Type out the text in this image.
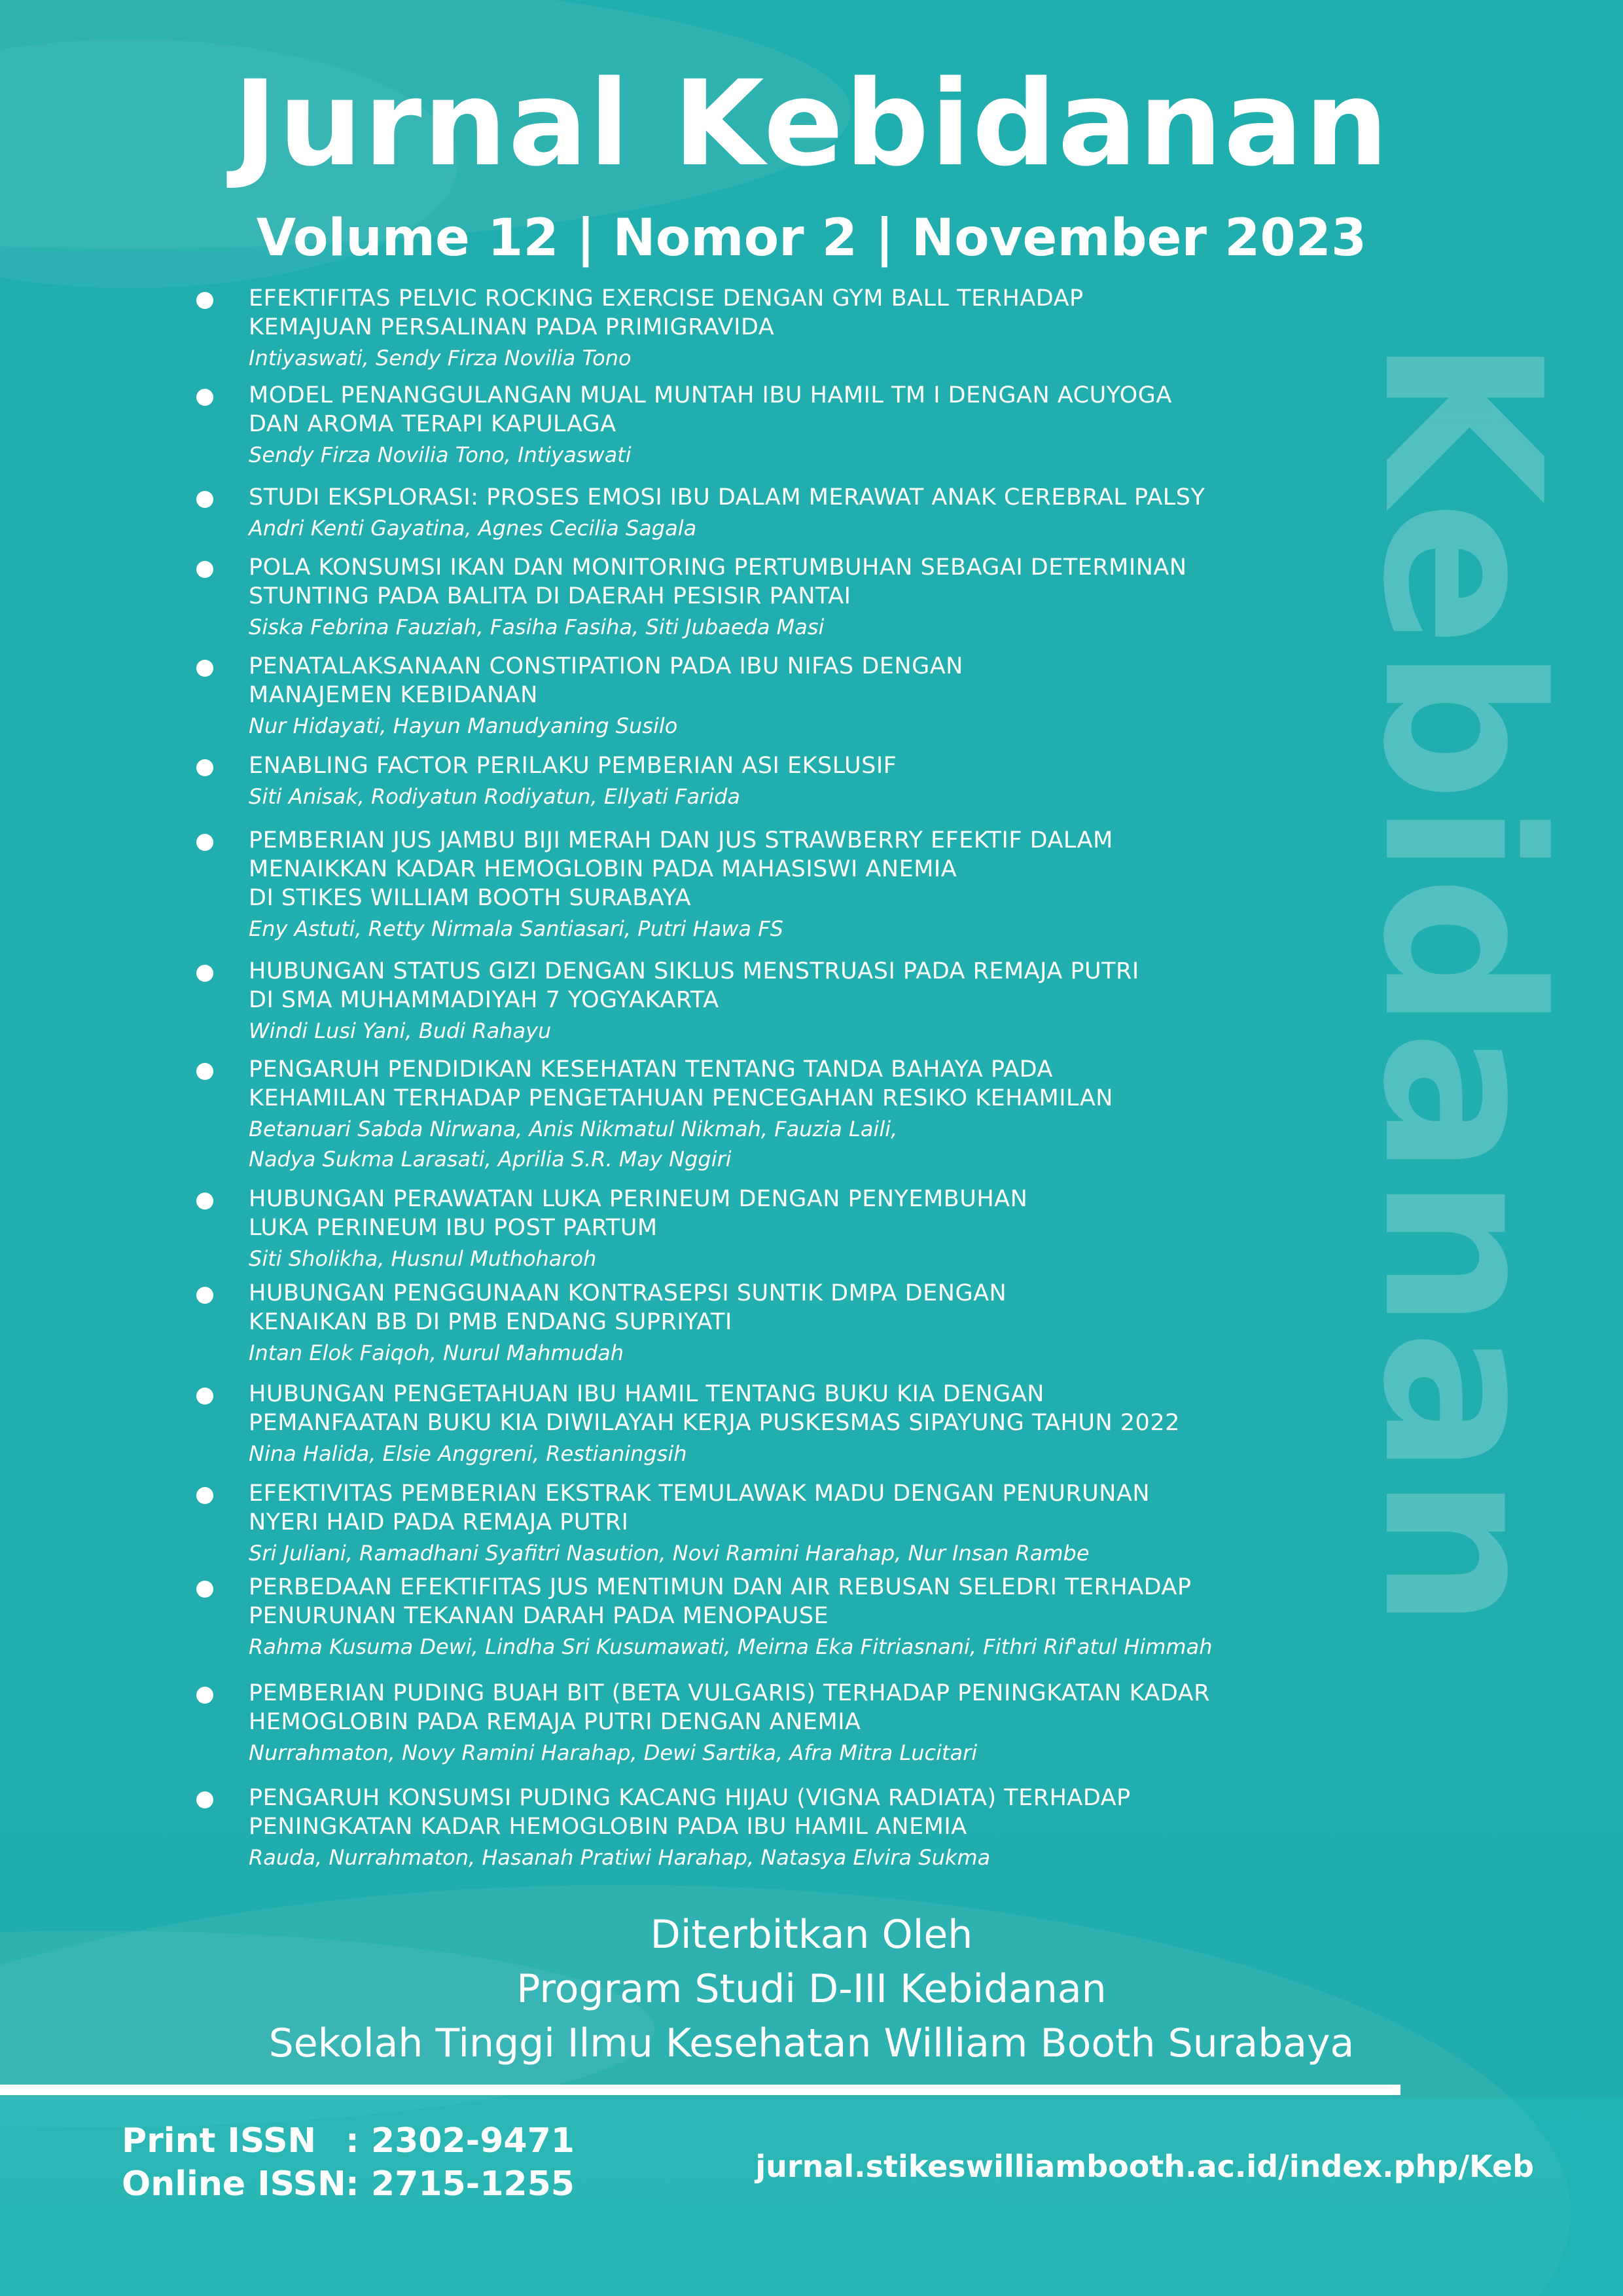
Jurnal Kebidanan
Volume 12 | Nomor 2 | November 2023
Kebidanan
EFEKTIFITAS PELVIC ROCKING EXERCISE DENGAN GYM BALL TERHADAP
KEMAJUAN PERSALINAN PADA PRIMIGRAVIDA
Intiyaswati, Sendy Firza Novilia Tono
MODEL PENANGGULANGAN MUAL MUNTAH IBU HAMIL TM I DENGAN ACUYOGA
DAN AROMA TERAPI KAPULAGA
Sendy Firza Novilia Tono, Intiyaswati
STUDI EKSPLORASI: PROSES EMOSI IBU DALAM MERAWAT ANAK CEREBRAL PALSY
Andri Kenti Gayatina, Agnes Cecilia Sagala
POLA KONSUMSI IKAN DAN MONITORING PERTUMBUHAN SEBAGAI DETERMINAN
STUNTING PADA BALITA DI DAERAH PESISIR PANTAI
Siska Febrina Fauziah, Fasiha Fasiha, Siti Jubaeda Masi
PENATALAKSANAAN CONSTIPATION PADA IBU NIFAS DENGAN
MANAJEMEN KEBIDANAN
Nur Hidayati, Hayun Manudyaning Susilo
ENABLING FACTOR PERILAKU PEMBERIAN ASI EKSLUSIF
Siti Anisak, Rodiyatun Rodiyatun, Ellyati Farida
PEMBERIAN JUS JAMBU BIJI MERAH DAN JUS STRAWBERRY EFEKTIF DALAM
MENAIKKAN KADAR HEMOGLOBIN PADA MAHASISWI ANEMIA
DI STIKES WILLIAM BOOTH SURABAYA
Eny Astuti, Retty Nirmala Santiasari, Putri Hawa FS
HUBUNGAN STATUS GIZI DENGAN SIKLUS MENSTRUASI PADA REMAJA PUTRI
DI SMA MUHAMMADIYAH 7 YOGYAKARTA
Windi Lusi Yani, Budi Rahayu
PENGARUH PENDIDIKAN KESEHATAN TENTANG TANDA BAHAYA PADA
KEHAMILAN TERHADAP PENGETAHUAN PENCEGAHAN RESIKO KEHAMILAN
Betanuari Sabda Nirwana, Anis Nikmatul Nikmah, Fauzia Laili,
Nadya Sukma Larasati, Aprilia S.R. May Nggiri
HUBUNGAN PERAWATAN LUKA PERINEUM DENGAN PENYEMBUHAN
LUKA PERINEUM IBU POST PARTUM
Siti Sholikha, Husnul Muthoharoh
HUBUNGAN PENGGUNAAN KONTRASEPSI SUNTIK DMPA DENGAN
KENAIKAN BB DI PMB ENDANG SUPRIYATI
Intan Elok Faiqoh, Nurul Mahmudah
HUBUNGAN PENGETAHUAN IBU HAMIL TENTANG BUKU KIA DENGAN
PEMANFAATAN BUKU KIA DIWILAYAH KERJA PUSKESMAS SIPAYUNG TAHUN 2022
Nina Halida, Elsie Anggreni, Restianingsih
EFEKTIVITAS PEMBERIAN EKSTRAK TEMULAWAK MADU DENGAN PENURUNAN
NYERI HAID PADA REMAJA PUTRI
Sri Juliani, Ramadhani Syafitri Nasution, Novi Ramini Harahap, Nur Insan Rambe
PERBEDAAN EFEKTIFITAS JUS MENTIMUN DAN AIR REBUSAN SELEDRI TERHADAP
PENURUNAN TEKANAN DARAH PADA MENOPAUSE
Rahma Kusuma Dewi, Lindha Sri Kusumawati, Meirna Eka Fitriasnani, Fithri Rif'atul Himmah
PEMBERIAN PUDING BUAH BIT (BETA VULGARIS) TERHADAP PENINGKATAN KADAR
HEMOGLOBIN PADA REMAJA PUTRI DENGAN ANEMIA
Nurrahmaton, Novy Ramini Harahap, Dewi Sartika, Afra Mitra Lucitari
PENGARUH KONSUMSI PUDING KACANG HIJAU (VIGNA RADIATA) TERHADAP
PENINGKATAN KADAR HEMOGLOBIN PADA IBU HAMIL ANEMIA
Rauda, Nurrahmaton, Hasanah Pratiwi Harahap, Natasya Elvira Sukma
Diterbitkan Oleh
Program Studi D-III Kebidanan
Sekolah Tinggi Ilmu Kesehatan William Booth Surabaya
Print ISSN : 2302-9471
Online ISSN: 2715-1255	jurnal.stikeswilliambooth.ac.id/index.php/Keb
